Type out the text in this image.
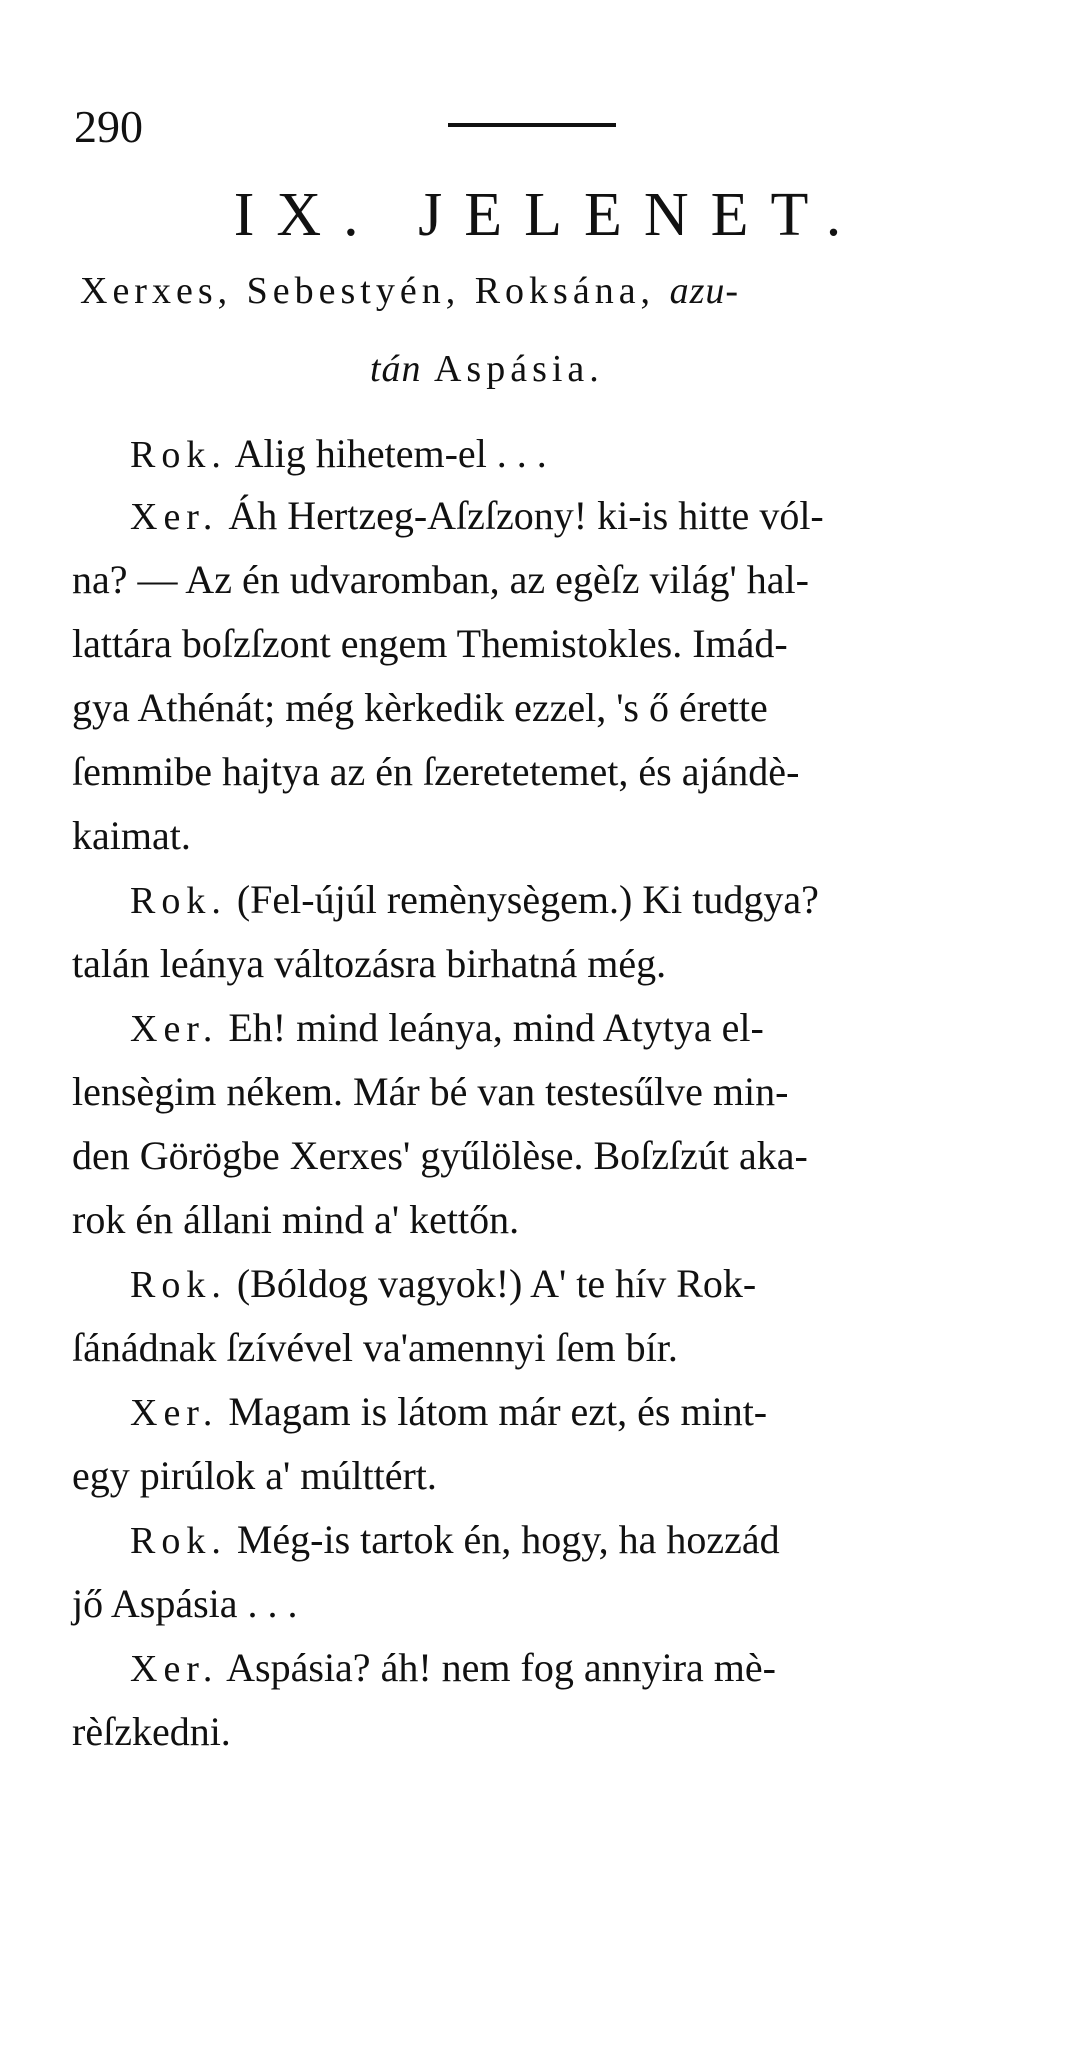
290
IX. JELENET.
Xerxes, Sebestyén, Roksána, azu-
tán Aspásia.
Rok. Alig hihetem-el . . .
Xer. Áh Hertzeg-Aſzſzony! ki-is hitte vól-
na? — Az én udvaromban, az egèſz világ' hal-
lattára boſzſzont engem Themistokles. Imád-
gya Athénát; még kèrkedik ezzel, 's ő érette
ſemmibe hajtya az én ſzeretetemet, és ajándè-
kaimat.
Rok. (Fel-újúl remènysègem.) Ki tudgya?
talán leánya változásra birhatná még.
Xer. Eh! mind leánya, mind Atytya el-
lensègim nékem. Már bé van testesűlve min-
den Görögbe Xerxes' gyűlölèse. Boſzſzút aka-
rok én állani mind a' kettőn.
Rok. (Bóldog vagyok!) A' te hív Rok-
ſánádnak ſzívével va'amennyi ſem bír.
Xer. Magam is látom már ezt, és mint-
egy pirúlok a' múlttért.
Rok. Még-is tartok én, hogy, ha hozzád
jő Aspásia . . .
Xer. Aspásia? áh! nem fog annyira mè-
rèſzkedni.
